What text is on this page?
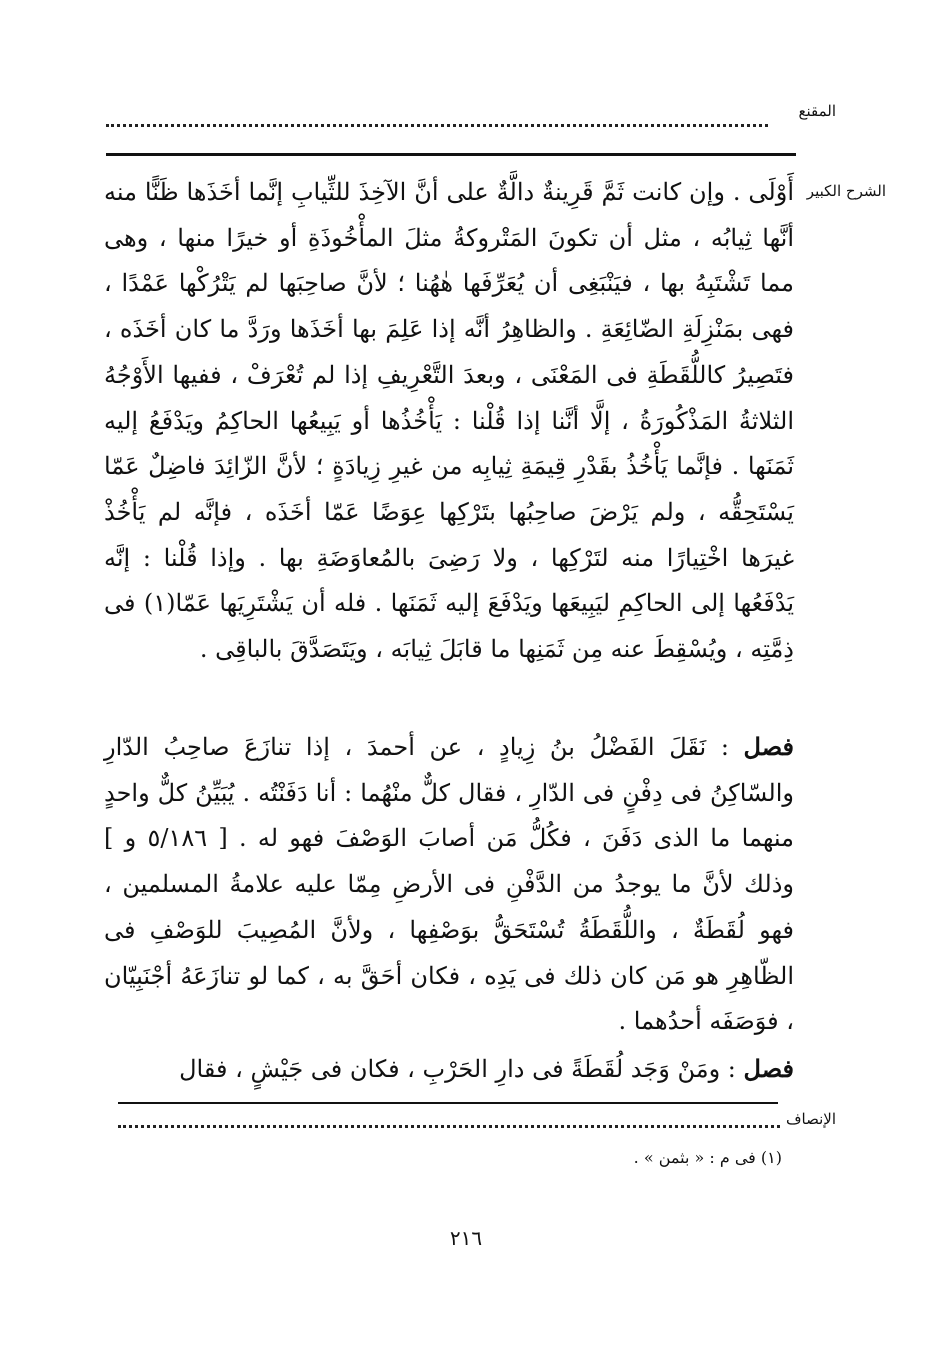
المقنع
الشرح الكبير

أَوْلَى . وإن كانت ثَمَّ قَرِينةٌ دالَّةٌ على أنَّ الآخِذَ للثِّيابِ إنَّما أخَذَها ظَنًّا منه أنَّها ثِيابُه ، مثل أن تكونَ المَتْروكةُ مثلَ المأْخُوذَةِ أو خيرًا منها ، وهى مما تَشْتَبِهُ بها ، فيَنْبَغِى أن يُعَرِّفَها هٰهُنا ؛ لأنَّ صاحِبَها لم يَتْرُكْها عَمْدًا ، فهى بمَنْزِلَةِ الضّائِعَةِ . والظاهِرُ أنَّه إذا عَلِمَ بها أخَذَها ورَدَّ ما كان أخَذَه ، فتَصِيرُ كاللُّقَطَةِ فى المَعْنَى ، وبعدَ التَّعْرِيفِ إذا لم تُعْرَفْ ، ففيها الأَوْجُهُ الثلاثةُ المَذْكُورَةُ ، إلَّا أنَّنا إذا قُلْنا : يَأْخُذُها أو يَبِيعُها الحاكِمُ ويَدْفَعُ إليه ثَمَنَها . فإنَّما يَأْخُذُ بقَدْرِ قِيمَةِ ثِيابِه من غيرِ زِيادَةٍ ؛ لأنَّ الزّائِدَ فاضِلٌ عَمّا يَسْتَحِقُّه ، ولم يَرْضَ صاحِبُها بتَرْكِها عِوَضًا عَمّا أخَذَه ، فإنَّه لم يَأْخُذْ غيرَها اخْتِيارًا منه لتَرْكِها ، ولا رَضِىَ بالمُعاوَضَةِ بها . وإذا قُلْنا : إنَّه يَدْفَعُها إلى الحاكِمِ ليَبِيعَها ويَدْفَعَ إليه ثَمَنَها . فله أن يَشْتَرِيَها عَمّا(١) فى ذِمَّتِه ، ويُسْقِطَ عنه مِن ثَمَنِها ما قابَلَ ثِيابَه ، ويَتَصَدَّقَ بالباقِى .

فصل : نَقَلَ الفَضْلُ بنُ زِيادٍ ، عن أحمدَ ، إذا تنازَعَ صاحِبُ الدّارِ والسّاكِنُ فى دِفْنٍ فى الدّارِ ، فقال كلٌّ منْهُما : أنا دَفَنْتُه . يُبَيِّنُ كلٌّ واحدٍ منهما ما الذى دَفَنَ ، فكُلُّ مَن أصابَ الوَصْفَ فهو له . [ ٥/١٨٦ و ] وذلك لأنَّ ما يوجدُ من الدَّفْنِ فى الأرضِ مِمّا عليه علامةُ المسلمين ، فهو لُقَطَةٌ ، واللُّقَطَةُ تُسْتَحَقُّ بوَصْفِها ، ولأنَّ المُصِيبَ للوَصْفِ فى الظّاهِرِ هو مَن كان ذلك فى يَدِه ، فكان أحَقَّ به ، كما لو تنازَعَهُ أجْنَبِيّان ، فوَصَفَه أحدُهما .
فصل : ومَنْ وَجَد لُقَطَةً فى دارِ الحَرْبِ ، فكان فى جَيْشٍ ، فقال
الإنصاف
(١) فى م : « بثمن » .
٢١٦
